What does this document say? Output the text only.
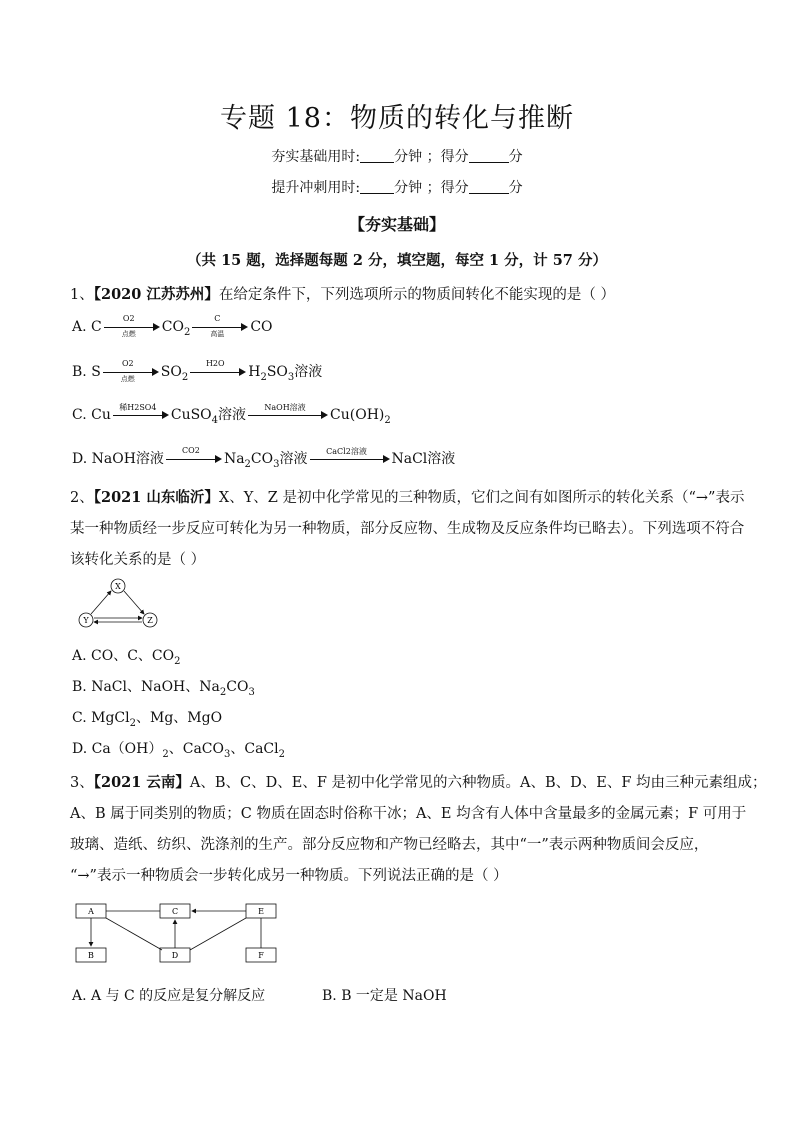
专题 18：物质的转化与推断
夯实基础用时: 分钟 ；得分	分
提升冲刺用时: 分钟 ；得分	分
【夯实基础】
（共 15 题，选择题每题 2 分，填空题，每空 1 分，计 57 分）
1、【2020 江苏苏州】在给定条件下，下列选项所示的物质间转化不能实现的是（ ）
A. C
O2
点燃	$CO_2$
C
高温	CO
B. S
O2
点燃	$SO_2$
H2O
$H_2SO_3$溶液
C. Cu	稀H2SO4	CuSO$_4$溶液	NaOH溶液	$Cu(OH)_2$
D. NaOH溶液
CO2
$Na_2CO_3$溶液	CaCl2溶液	NaCl溶液
2、【2021 山东临沂】X、Y、Z 是初中化学常见的三种物质，它们之间有如图所示的转化关系（“→”表示
某一种物质经一步反应可转化为另一种物质，部分反应物、生成物及反应条件均已略去）。下列选项不符合
该转化关系的是（ ）
X
Y	Z
A. CO、C、$CO_2$
B. NaCl、NaOH、$Na_2CO_3$
C. MgCl$_2$、Mg、MgO
D. $Ca(OH)_2$、CaCO$_3$、CaCl$_2$
3、【2021 云南】A、B、C、D、E、F 是初中化学常见的六种物质。A、B、D、E、F 均由三种元素组成；
A、B 属于同类别的物质；C 物质在固态时俗称干冰；A、E 均含有人体中含量最多的金属元素；F 可用于
玻璃、造纸、纺织、洗涤剂的生产。部分反应物和产物已经略去，其中“一”表示两种物质间会反应，
“→”表示一种物质会一步转化成另一种物质。下列说法正确的是（ ）
A
B
C
D
E
F
A. A 与 C 的反应是复分解反应	B. B 一定是 NaOH
